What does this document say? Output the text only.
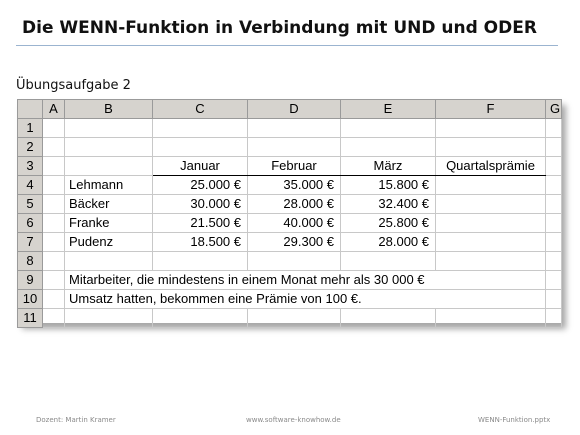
Die WENN-Funktion in Verbindung mit UND und ODER
Übungsaufgabe 2
	A	B	C	D	E	F	G
1							
2							
3			Januar	Februar	März	Quartalsprämie	
4		Lehmann	25.000 €	35.000 €	15.800 €		
5		Bäcker	30.000 €	28.000 €	32.400 €		
6		Franke	21.500 €	40.000 €	25.800 €		
7		Pudenz	18.500 €	29.300 €	28.000 €		
8							
9		Mitarbeiter, die mindestens in einem Monat mehr als 30 000 €					
10		Umsatz hatten, bekommen eine Prämie von 100 €.					
11							
Dozent: Martin Kramer	www.software-knowhow.de	WENN-Funktion.pptx
